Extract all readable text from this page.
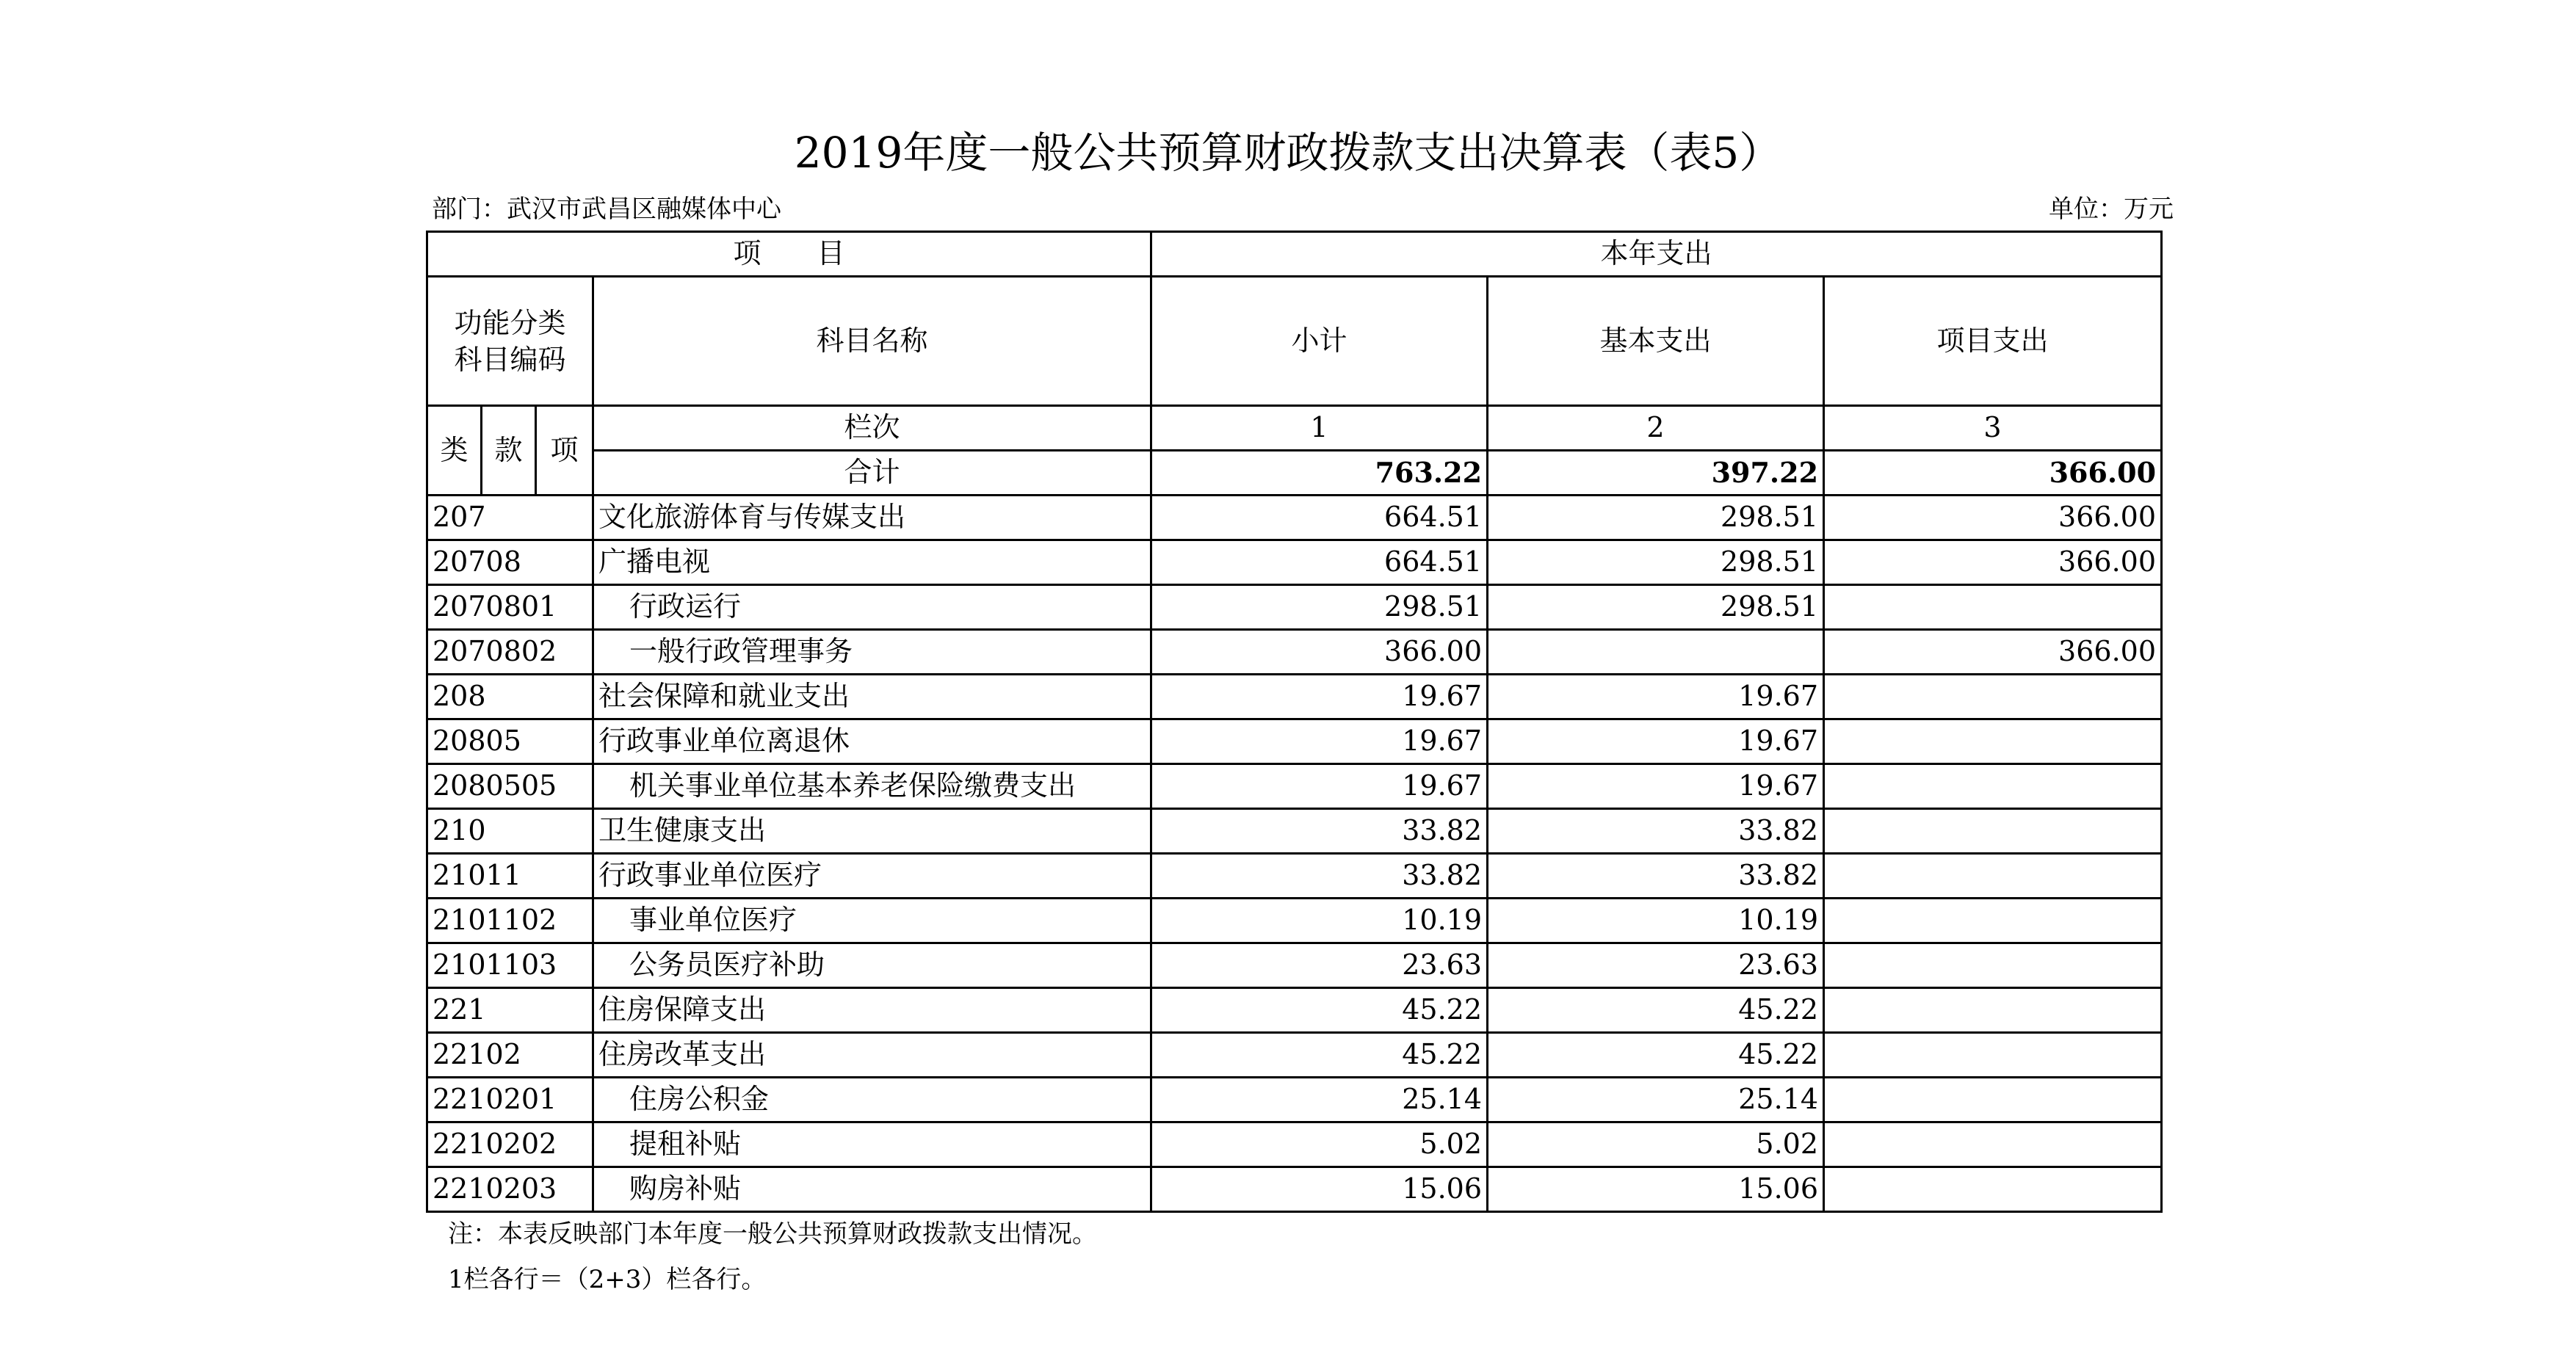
2019年度一般公共预算财政拨款支出决算表（表5）
部门：武汉市武昌区融媒体中心	单位：万元
项　　目				本年支出		
功能分类科目编码			科目名称	小计	基本支出	项目支出
类	款	项	栏次	1	2	3
			合计	763.22	397.22	366.00
207			文化旅游体育与传媒支出	664.51	298.51	366.00
20708			广播电视	664.51	298.51	366.00
2070801			行政运行	298.51	298.51	
2070802			一般行政管理事务	366.00		366.00
208			社会保障和就业支出	19.67	19.67	
20805			行政事业单位离退休	19.67	19.67	
2080505			机关事业单位基本养老保险缴费支出	19.67	19.67	
210			卫生健康支出	33.82	33.82	
21011			行政事业单位医疗	33.82	33.82	
2101102			事业单位医疗	10.19	10.19	
2101103			公务员医疗补助	23.63	23.63	
221			住房保障支出	45.22	45.22	
22102			住房改革支出	45.22	45.22	
2210201			住房公积金	25.14	25.14	
2210202			提租补贴	5.02	5.02	
2210203			购房补贴	15.06	15.06	
注：本表反映部门本年度一般公共预算财政拨款支出情况。
1栏各行＝（2+3）栏各行。
